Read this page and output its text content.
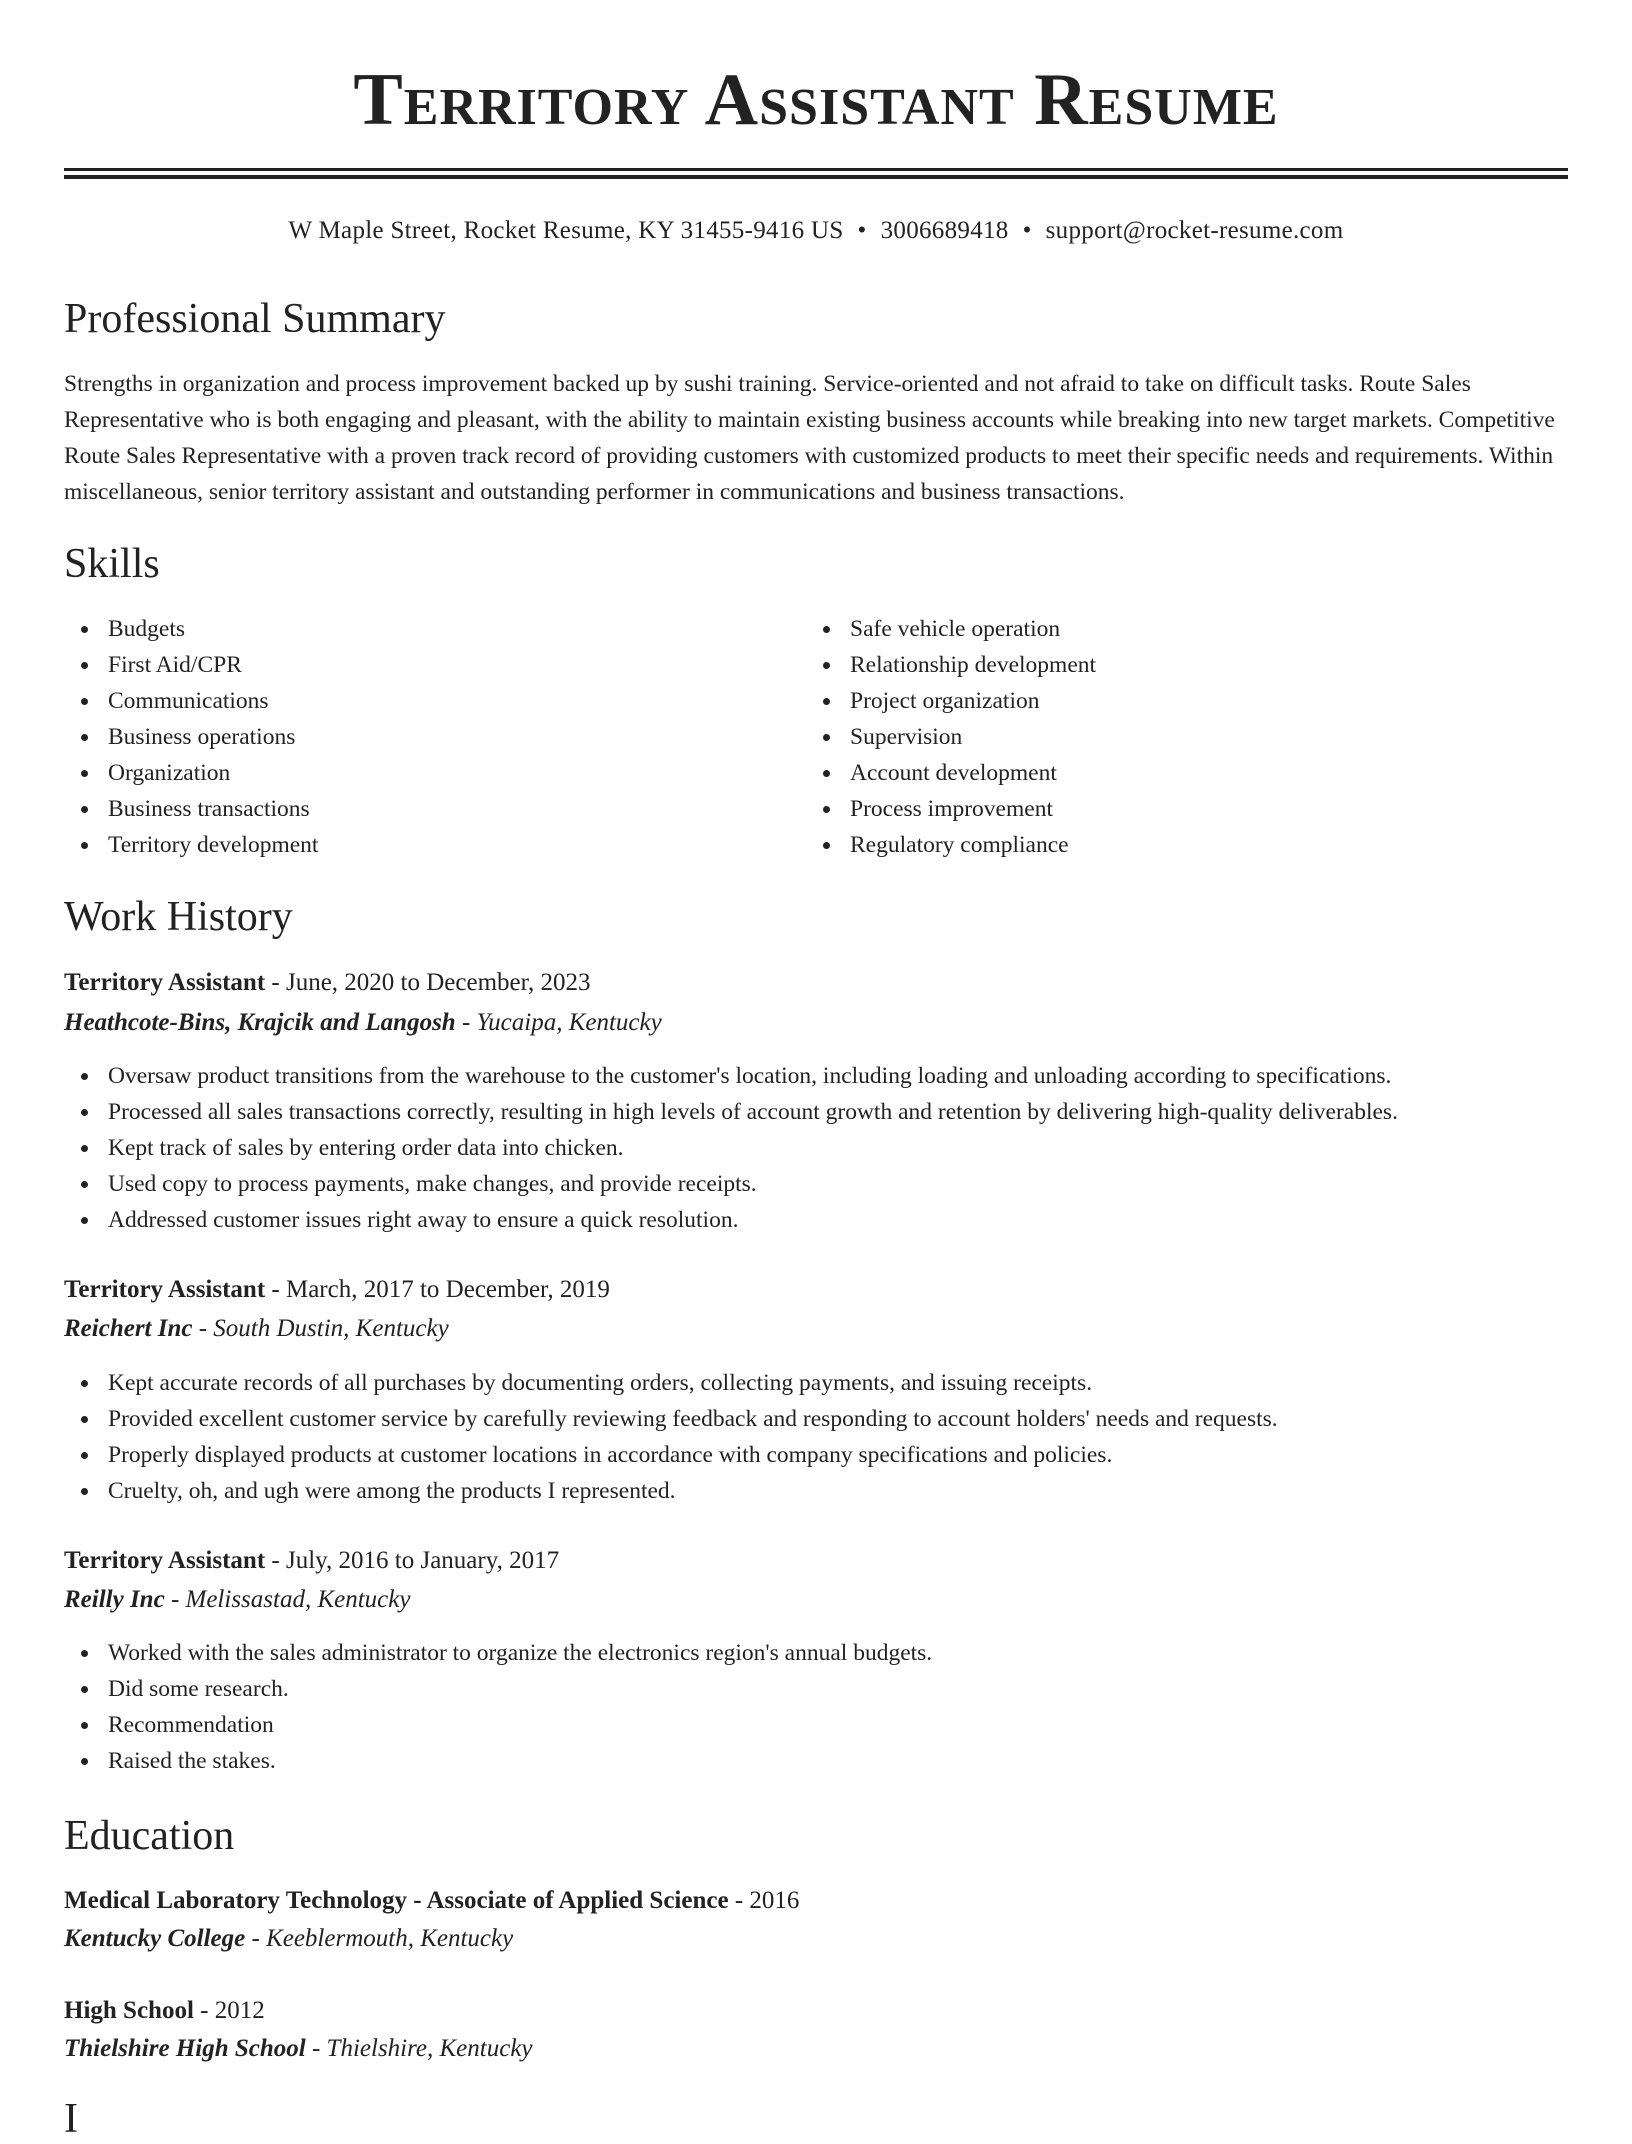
Territory Assistant Resume
W Maple Street, Rocket Resume, KY 31455-9416 US • 3006689418 • support@rocket-resume.com
Professional Summary

Strengths in organization and process improvement backed up by sushi training. Service-oriented and not afraid to take on difficult tasks. Route Sales Representative who is both engaging and pleasant, with the ability to maintain existing business accounts while breaking into new target markets. Competitive Route Sales Representative with a proven track record of providing customers with customized products to meet their specific needs and requirements. Within miscellaneous, senior territory assistant and outstanding performer in communications and business transactions.

Skills
Budgets
First Aid/CPR
Communications
Business operations
Organization
Business transactions
Territory development
Safe vehicle operation
Relationship development
Project organization
Supervision
Account development
Process improvement
Regulatory compliance
Work History
Territory Assistant - June, 2020 to December, 2023
Heathcote-Bins, Krajcik and Langosh - Yucaipa, Kentucky
Oversaw product transitions from the warehouse to the customer's location, including loading and unloading according to specifications.
Processed all sales transactions correctly, resulting in high levels of account growth and retention by delivering high-quality deliverables.
Kept track of sales by entering order data into chicken.
Used copy to process payments, make changes, and provide receipts.
Addressed customer issues right away to ensure a quick resolution.
Territory Assistant - March, 2017 to December, 2019
Reichert Inc - South Dustin, Kentucky
Kept accurate records of all purchases by documenting orders, collecting payments, and issuing receipts.
Provided excellent customer service by carefully reviewing feedback and responding to account holders' needs and requests.
Properly displayed products at customer locations in accordance with company specifications and policies.
Cruelty, oh, and ugh were among the products I represented.
Territory Assistant - July, 2016 to January, 2017
Reilly Inc - Melissastad, Kentucky
Worked with the sales administrator to organize the electronics region's annual budgets.
Did some research.
Recommendation
Raised the stakes.
Education
Medical Laboratory Technology - Associate of Applied Science - 2016
Kentucky College - Keeblermouth, Kentucky
High School - 2012
Thielshire High School - Thielshire, Kentucky
I
